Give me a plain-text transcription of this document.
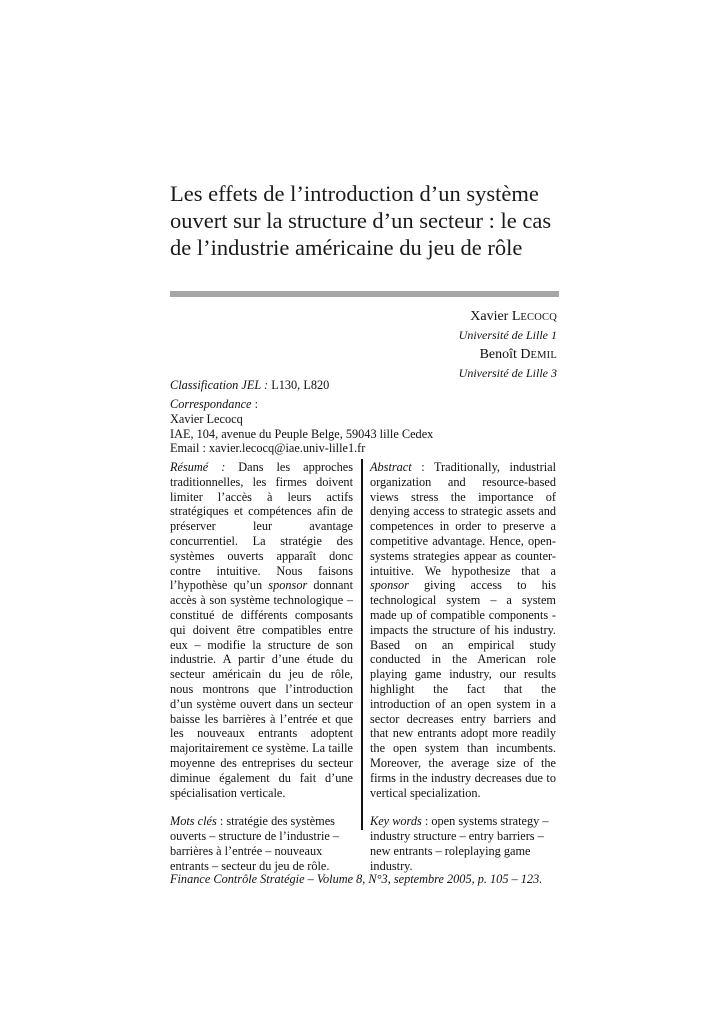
Les effets de l’introduction d’un système ouvert sur la structure d’un secteur : le cas de l’industrie américaine du jeu de rôle
Xavier LECOCQ
Université de Lille 1
Benoît DEMIL
Université de Lille 3
Classification JEL : L130, L820
Correspondance :
Xavier Lecocq
IAE, 104, avenue du Peuple Belge, 59043 lille Cedex
Email : xavier.lecocq@iae.univ-lille1.fr

Résumé : Dans les approches traditionnelles, les firmes doivent limiter l’accès à leurs actifs stratégiques et compétences afin de préserver leur avantage concurrentiel. La stratégie des systèmes ouverts apparaît donc contre intuitive. Nous faisons l’hypothèse qu’un sponsor donnant accès à son système technologique – constitué de différents composants qui doivent être compatibles entre eux – modifie la structure de son industrie. A partir d’une étude du secteur américain du jeu de rôle, nous montrons que l’introduction d’un système ouvert dans un secteur baisse les barrières à l’entrée et que les nouveaux entrants adoptent majoritairement ce système. La taille moyenne des entreprises du secteur diminue également du fait d’une spécialisation verticale.

Mots clés : stratégie des systèmes ouverts – structure de l’industrie – barrières à l’entrée – nouveaux entrants – secteur du jeu de rôle.

Abstract : Traditionally, industrial organization and resource-based views stress the importance of denying access to strategic assets and competences in order to preserve a competitive advantage. Hence, open-systems strategies appear as counter-intuitive. We hypothesize that a sponsor giving access to his technological system – a system made up of compatible components - impacts the structure of his industry. Based on an empirical study conducted in the American role playing game industry, our results highlight the fact that the introduction of an open system in a sector decreases entry barriers and that new entrants adopt more readily the open system than incumbents. Moreover, the average size of the firms in the industry decreases due to vertical specialization.

Key words : open systems strategy – industry structure – entry barriers – new entrants – roleplaying game industry.

Finance Contrôle Stratégie – Volume 8, N°3, septembre 2005, p. 105 – 123.
